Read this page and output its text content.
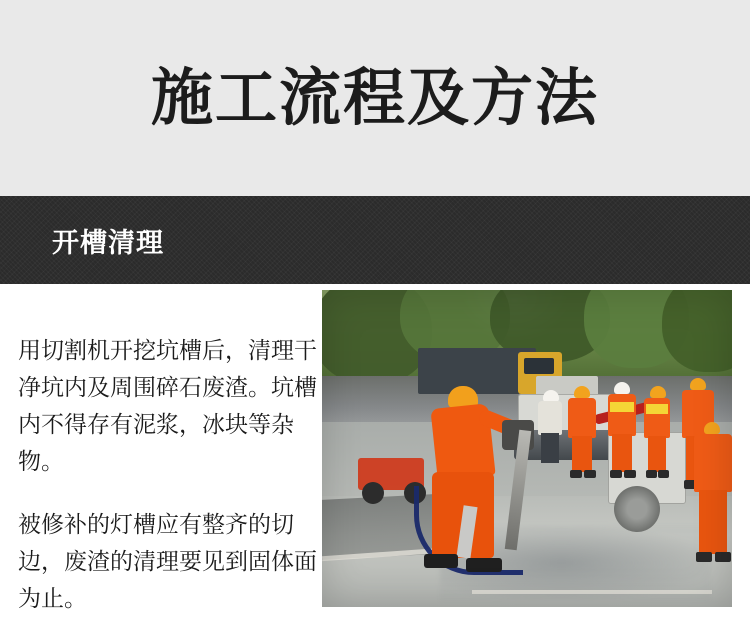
施工流程及方法
开槽清理

用切割机开挖坑槽后，清理干净坑内及周围碎石废渣。坑槽内不得存有泥浆，冰块等杂物。

被修补的灯槽应有整齐的切边，废渣的清理要见到固体面为止。
